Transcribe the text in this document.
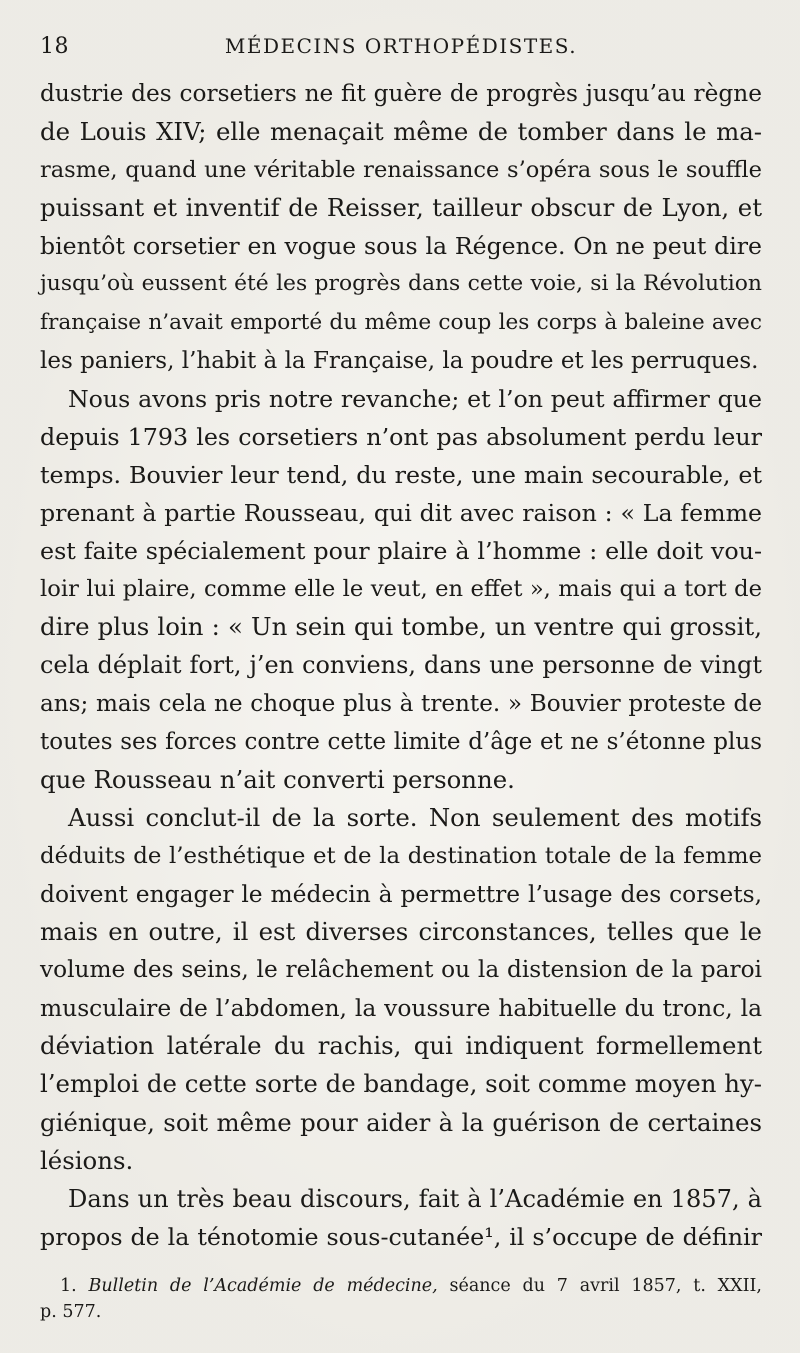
18	MÉDECINS ORTHOPÉDISTES.
dustrie des corsetiers ne fit guère de progrès jusqu’au règne
de Louis XIV; elle menaçait même de tomber dans le ma-
rasme, quand une véritable renaissance s’opéra sous le souffle
puissant et inventif de Reisser, tailleur obscur de Lyon, et
bientôt corsetier en vogue sous la Régence. On ne peut dire
jusqu’où eussent été les progrès dans cette voie, si la Révolution
française n’avait emporté du même coup les corps à baleine avec
les paniers, l’habit à la Française, la poudre et les perruques.
Nous avons pris notre revanche; et l’on peut affirmer que
depuis 1793 les corsetiers n’ont pas absolument perdu leur
temps. Bouvier leur tend, du reste, une main secourable, et
prenant à partie Rousseau, qui dit avec raison : « La femme
est faite spécialement pour plaire à l’homme : elle doit vou-
loir lui plaire, comme elle le veut, en effet », mais qui a tort de
dire plus loin : « Un sein qui tombe, un ventre qui grossit,
cela déplait fort, j’en conviens, dans une personne de vingt
ans; mais cela ne choque plus à trente. » Bouvier proteste de
toutes ses forces contre cette limite d’âge et ne s’étonne plus
que Rousseau n’ait converti personne.
Aussi conclut-il de la sorte. Non seulement des motifs
déduits de l’esthétique et de la destination totale de la femme
doivent engager le médecin à permettre l’usage des corsets,
mais en outre, il est diverses circonstances, telles que le
volume des seins, le relâchement ou la distension de la paroi
musculaire de l’abdomen, la voussure habituelle du tronc, la
déviation latérale du rachis, qui indiquent formellement
l’emploi de cette sorte de bandage, soit comme moyen hy-
giénique, soit même pour aider à la guérison de certaines
lésions.
Dans un très beau discours, fait à l’Académie en 1857, à
propos de la ténotomie sous-cutanée¹, il s’occupe de définir
1. Bulletin de l’Académie de médecine, séance du 7 avril 1857, t. XXII,
p. 577.
